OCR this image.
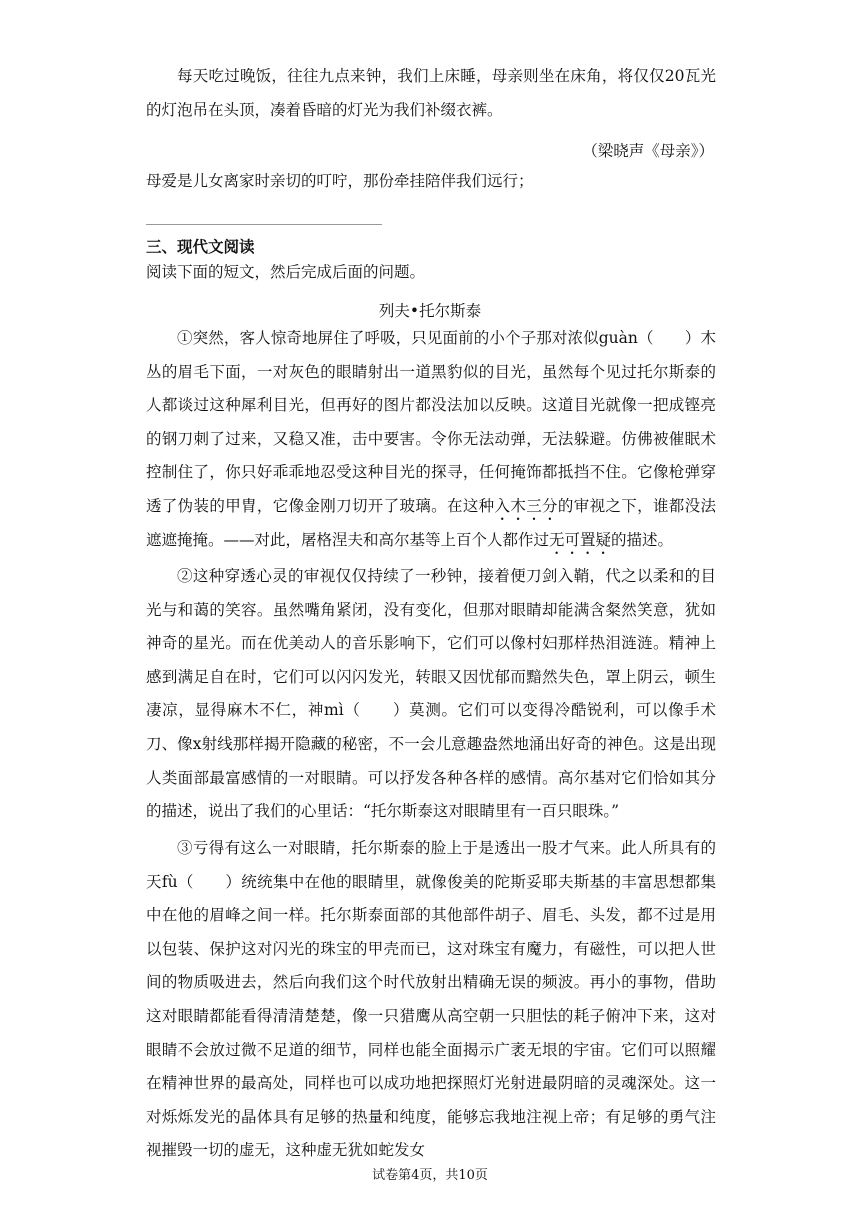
每天吃过晚饭，往往九点来钟，我们上床睡，母亲则坐在床角，将仅仅20瓦光的灯泡吊在头顶，凑着昏暗的灯光为我们补缀衣裤。

（梁晓声《母亲》）
母爱是儿女离家时亲切的叮咛，那份牵挂陪伴我们远行；
三、现代文阅读
阅读下面的短文，然后完成后面的问题。
列夫•托尔斯泰

①突然，客人惊奇地屏住了呼吸，只见面前的小个子那对浓似guàn（　　）木丛的眉毛下面，一对灰色的眼睛射出一道黑豹似的目光，虽然每个见过托尔斯泰的人都谈过这种犀利目光，但再好的图片都没法加以反映。这道目光就像一把成铿亮的钢刀刺了过来，又稳又准，击中要害。令你无法动弹，无法躲避。仿佛被催眠术控制住了，你只好乖乖地忍受这种目光的探寻，任何掩饰都抵挡不住。它像枪弹穿透了伪装的甲胄，它像金刚刀切开了玻璃。在这种入木三分的审视之下，谁都没法遮遮掩掩。——对此，屠格涅夫和高尔基等上百个人都作过无可置疑的描述。

②这种穿透心灵的审视仅仅持续了一秒钟，接着便刀剑入鞘，代之以柔和的目光与和蔼的笑容。虽然嘴角紧闭，没有变化，但那对眼睛却能满含粲然笑意，犹如神奇的星光。而在优美动人的音乐影响下，它们可以像村妇那样热泪涟涟。精神上感到满足自在时，它们可以闪闪发光，转眼又因忧郁而黯然失色，罩上阴云，顿生凄凉，显得麻木不仁，神mì（　　）莫测。它们可以变得冷酷锐利，可以像手术刀、像x射线那样揭开隐藏的秘密，不一会儿意趣盎然地涌出好奇的神色。这是出现人类面部最富感情的一对眼睛。可以抒发各种各样的感情。高尔基对它们恰如其分的描述，说出了我们的心里话：“托尔斯泰这对眼睛里有一百只眼珠。”

③亏得有这么一对眼睛，托尔斯泰的脸上于是透出一股才气来。此人所具有的天fù（　　）统统集中在他的眼睛里，就像俊美的陀斯妥耶夫斯基的丰富思想都集中在他的眉峰之间一样。托尔斯泰面部的其他部件胡子、眉毛、头发，都不过是用以包装、保护这对闪光的珠宝的甲壳而已，这对珠宝有魔力，有磁性，可以把人世间的物质吸进去，然后向我们这个时代放射出精确无误的频波。再小的事物，借助这对眼睛都能看得清清楚楚，像一只猎鹰从高空朝一只胆怯的耗子俯冲下来，这对眼睛不会放过微不足道的细节，同样也能全面揭示广袤无垠的宇宙。它们可以照耀在精神世界的最高处，同样也可以成功地把探照灯光射进最阴暗的灵魂深处。这一对烁烁发光的晶体具有足够的热量和纯度，能够忘我地注视上帝；有足够的勇气注视摧毁一切的虚无，这种虚无犹如蛇发女

试卷第4页，共10页
